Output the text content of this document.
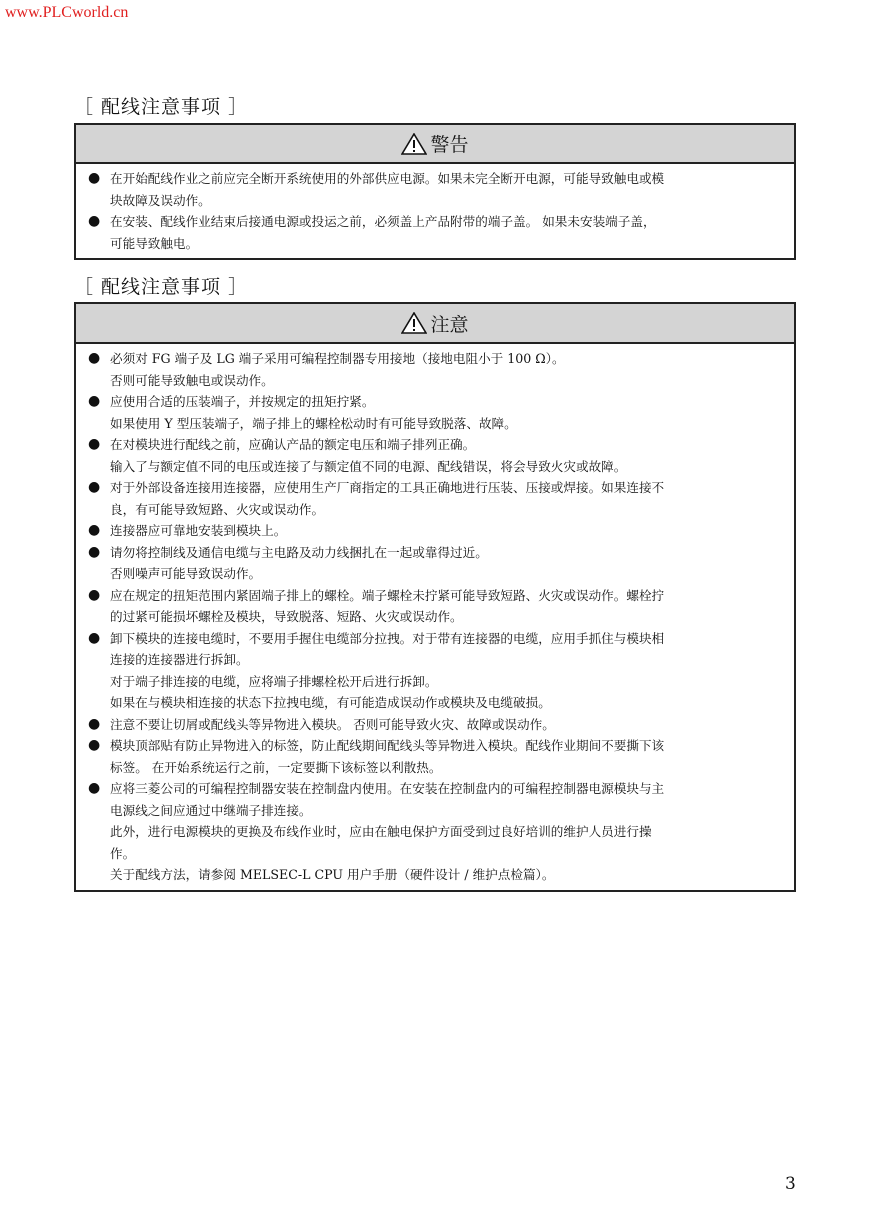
www.PLCworld.cn
［ 配线注意事项 ］
警告
● 在开始配线作业之前应完全断开系统使用的外部供应电源。如果未完全断开电源，可能导致触电或模
块故障及误动作。
● 在安装、配线作业结束后接通电源或投运之前，必须盖上产品附带的端子盖。 如果未安装端子盖，
可能导致触电。
［ 配线注意事项 ］
注意
● 必须对 FG 端子及 LG 端子采用可编程控制器专用接地（接地电阻小于 100 Ω）。
否则可能导致触电或误动作。
● 应使用合适的压装端子，并按规定的扭矩拧紧。
如果使用 Y 型压装端子，端子排上的螺栓松动时有可能导致脱落、故障。
● 在对模块进行配线之前，应确认产品的额定电压和端子排列正确。
输入了与额定值不同的电压或连接了与额定值不同的电源、配线错误，将会导致火灾或故障。
● 对于外部设备连接用连接器，应使用生产厂商指定的工具正确地进行压装、压接或焊接。如果连接不
良，有可能导致短路、火灾或误动作。
● 连接器应可靠地安装到模块上。
● 请勿将控制线及通信电缆与主电路及动力线捆扎在一起或靠得过近。
否则噪声可能导致误动作。
● 应在规定的扭矩范围内紧固端子排上的螺栓。端子螺栓未拧紧可能导致短路、火灾或误动作。螺栓拧
的过紧可能损坏螺栓及模块，导致脱落、短路、火灾或误动作。
● 卸下模块的连接电缆时，不要用手握住电缆部分拉拽。对于带有连接器的电缆，应用手抓住与模块相
连接的连接器进行拆卸。
对于端子排连接的电缆，应将端子排螺栓松开后进行拆卸。
如果在与模块相连接的状态下拉拽电缆，有可能造成误动作或模块及电缆破损。
● 注意不要让切屑或配线头等异物进入模块。 否则可能导致火灾、故障或误动作。
● 模块顶部贴有防止异物进入的标签，防止配线期间配线头等异物进入模块。配线作业期间不要撕下该
标签。 在开始系统运行之前，一定要撕下该标签以利散热。
● 应将三菱公司的可编程控制器安装在控制盘内使用。在安装在控制盘内的可编程控制器电源模块与主
电源线之间应通过中继端子排连接。
此外，进行电源模块的更换及布线作业时，应由在触电保护方面受到过良好培训的维护人员进行操
作。
关于配线方法，请参阅 MELSEC-L CPU 用户手册（硬件设计 / 维护点检篇）。
3
